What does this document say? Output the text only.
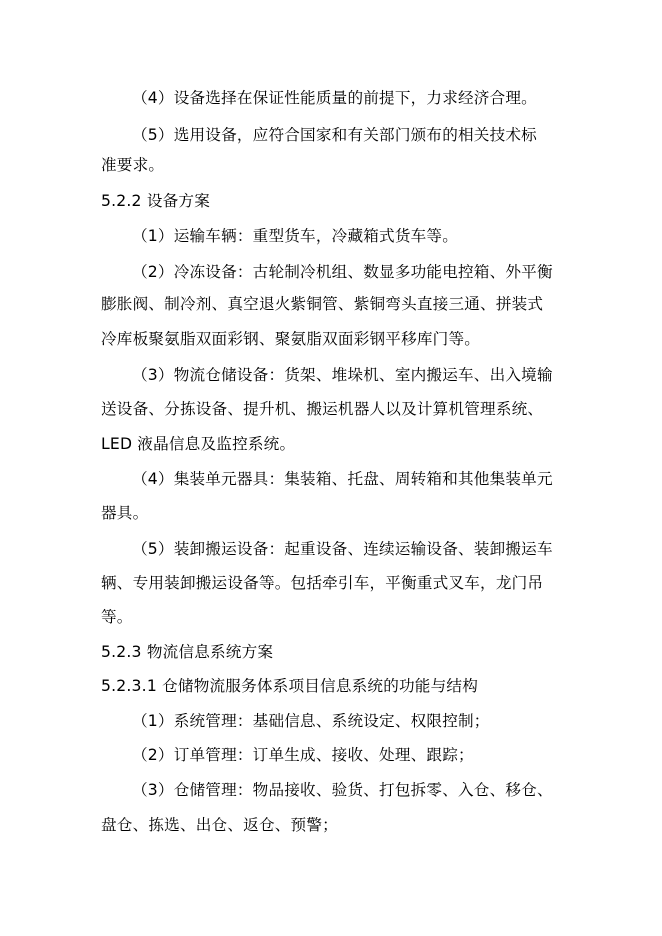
（4）设备选择在保证性能质量的前提下，力求经济合理。
（5）选用设备，应符合国家和有关部门颁布的相关技术标
准要求。
5.2.2 设备方案
（1）运输车辆：重型货车，冷藏箱式货车等。
（2）冷冻设备：古轮制冷机组、数显多功能电控箱、外平衡
膨胀阀、制冷剂、真空退火紫铜管、紫铜弯头直接三通、拼装式
冷库板聚氨脂双面彩钢、聚氨脂双面彩钢平移库门等。
（3）物流仓储设备：货架、堆垛机、室内搬运车、出入境输
送设备、分拣设备、提升机、搬运机器人以及计算机管理系统、
LED 液晶信息及监控系统。
（4）集装单元器具：集装箱、托盘、周转箱和其他集装单元
器具。
（5）装卸搬运设备：起重设备、连续运输设备、装卸搬运车
辆、专用装卸搬运设备等。包括牵引车，平衡重式叉车，龙门吊
等。
5.2.3 物流信息系统方案
5.2.3.1 仓储物流服务体系项目信息系统的功能与结构
（1）系统管理：基础信息、系统设定、权限控制；
（2）订单管理：订单生成、接收、处理、跟踪；
（3）仓储管理：物品接收、验货、打包拆零、入仓、移仓、
盘仓、拣选、出仓、返仓、预警；
